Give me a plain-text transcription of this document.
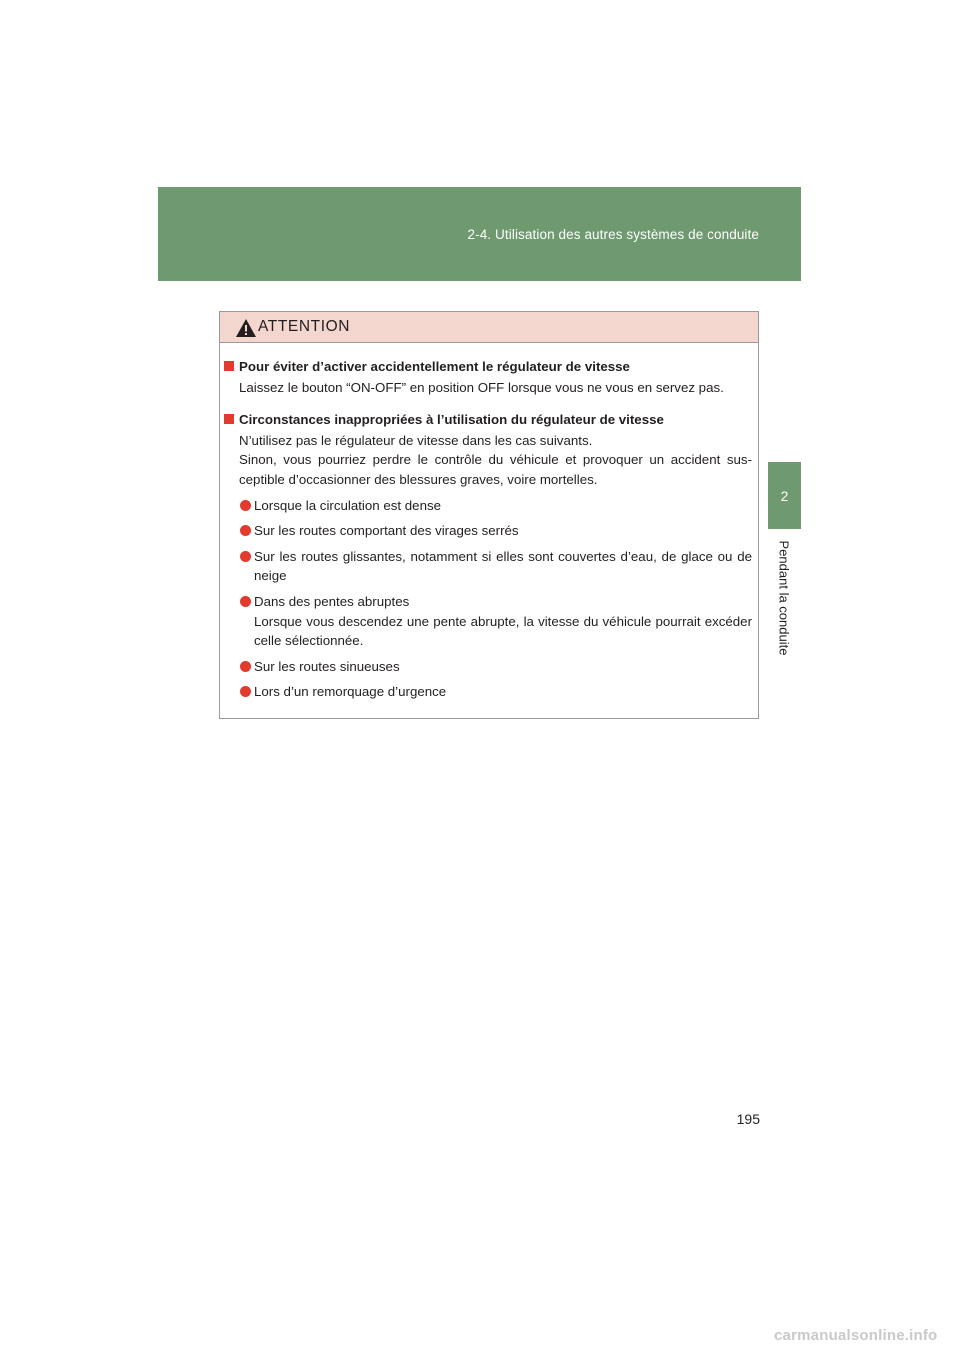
2-4. Utilisation des autres systèmes de conduite
2
Pendant la conduite
ATTENTION
Pour éviter d’activer accidentellement le régulateur de vitesse
Laissez le bouton “ON-OFF” en position OFF lorsque vous ne vous en servez pas.
Circonstances inappropriées à l’utilisation du régulateur de vitesse
N’utilisez pas le régulateur de vitesse dans les cas suivants.
Sinon, vous pourriez perdre le contrôle du véhicule et provoquer un accident sus-ceptible d’occasionner des blessures graves, voire mortelles.
Lorsque la circulation est dense
Sur les routes comportant des virages serrés
Sur les routes glissantes, notamment si elles sont couvertes d’eau, de glace ou de neige
Dans des pentes abruptes
Lorsque vous descendez une pente abrupte, la vitesse du véhicule pourrait excéder celle sélectionnée.
Sur les routes sinueuses
Lors d’un remorquage d’urgence
195
carmanualsonline.info
